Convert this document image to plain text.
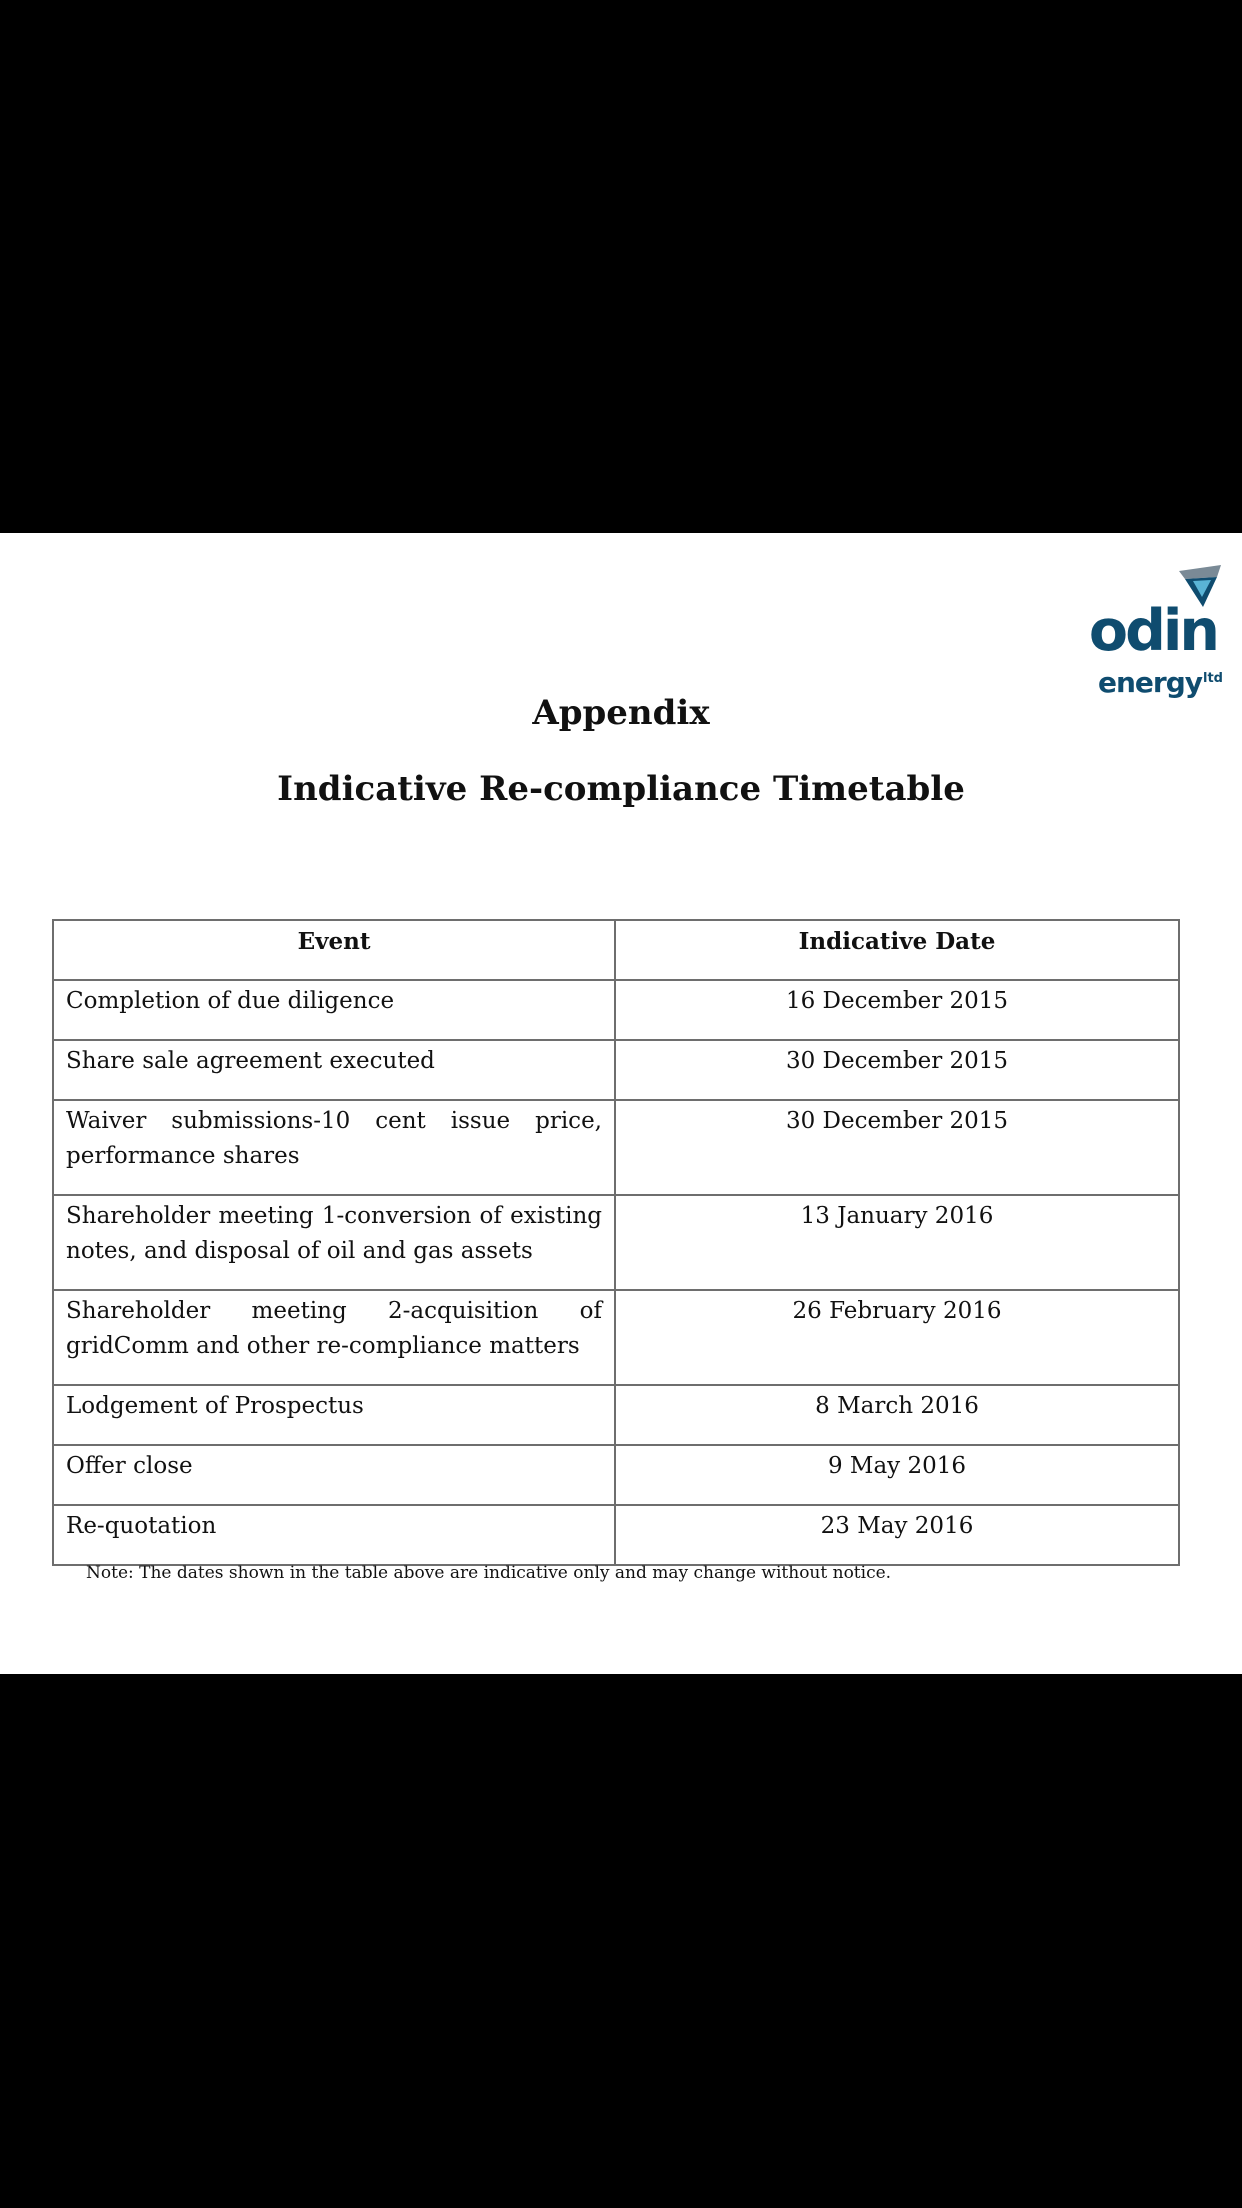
odin
energy$^{ltd}$
Appendix
Indicative Re-compliance Timetable
Event	Indicative Date
Completion of due diligence	16 December 2015
Share sale agreement executed	30 December 2015
Waiver submissions-10 cent issue price, performance shares	30 December 2015
Shareholder meeting 1-conversion of existing notes, and disposal of oil and gas assets	13 January 2016
Shareholder meeting 2-acquisition of gridComm and other re-compliance matters	26 February 2016
Lodgement of Prospectus	8 March 2016
Offer close	9 May 2016
Re-quotation	23 May 2016
Note: The dates shown in the table above are indicative only and may change without notice.
